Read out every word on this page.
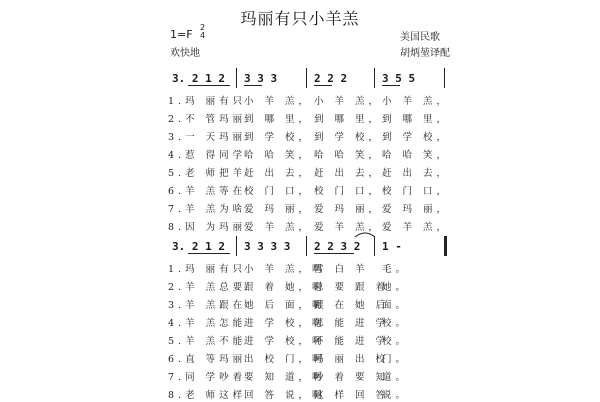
玛丽有只小羊羔
1=F
2
4
欢快地
美国民歌
胡炳堃译配
3. 2 1 2 3 3 3	2 2 2	3 5 5
1.玛 丽有只
小 羊 羔， 小 羊 羔， 小 羊 羔，
2.不 管玛丽
到 哪 里， 到 哪 里， 到 哪 里，
3.一 天玛丽
到 学 校， 到 学 校， 到 学 校，
4.惹 得同学
哈 哈 笑， 哈 哈 笑， 哈 哈 笑，
5.老 师把羊
赶 出 去， 赶 出 去， 赶 出 去，
6.羊 羔等在
校 门 口， 校 门 口， 校 门 口，
7.羊 羔为啥
爱 玛 丽， 爱 玛 丽， 爱 玛 丽，
8.因 为玛丽
爱 羊 羔， 爱 羊 羔， 爱 羊 羔，
3. 2 1 2 3 3 3 3 2 2 3 2 1 -
1.玛 丽有只
小 羊 羔，啊
雪 白 羊 毛。
2.羊 羔总要
跟 着 她，啊
总 要 跟 着
她。
3.羊 羔跟在
她 后 面，啊
跟 在 她 后
面。
4.羊 羔怎能
进 学 校，啊
怎 能 进 学
校。
5.羊 羔不能
进 学 校，啊
不 能 进 学
校。
6.直 等玛丽
出 校 门，啊
玛 丽 出 校
门。
7.同 学吵着
要 知 道，啊
吵 着 要 知
道。
8.老 师这样
回 答 说，啊
这 样 回 答
说。
